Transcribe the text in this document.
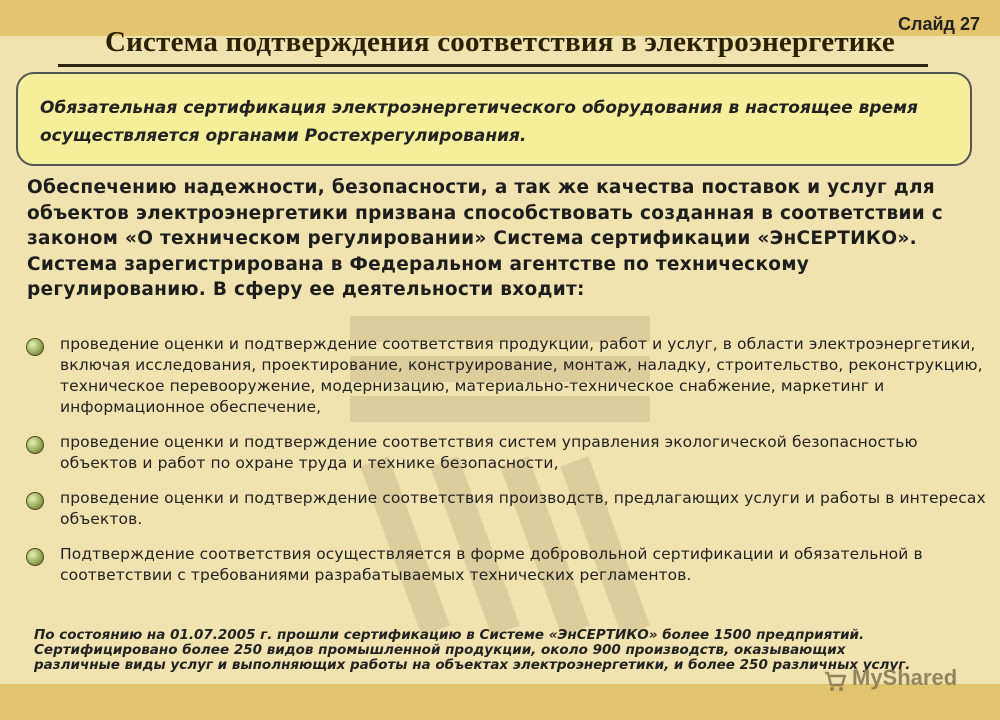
Слайд 27
Система подтверждения соответствия в электроэнергетике
Обязательная сертификация электроэнергетического оборудования в настоящее время осуществляется органами Ростехрегулирования.
Обеспечению надежности, безопасности, а так же качества поставок и услуг для объектов электроэнергетики призвана способствовать созданная в соответствии с законом «О техническом регулировании» Система сертификации «ЭнСЕРТИКО». Система зарегистрирована в Федеральном агентстве по техническому регулированию. В сферу ее деятельности входит:
проведение оценки и подтверждение соответствия продукции, работ и услуг, в области электроэнергетики, включая исследования, проектирование, конструирование, монтаж, наладку, строительство, реконструкцию, техническое перевооружение, модернизацию, материально-техническое снабжение, маркетинг и информационное обеспечение,
проведение оценки и подтверждение соответствия систем управления экологической безопасностью объектов и работ по охране труда и технике безопасности,
проведение оценки и подтверждение соответствия производств, предлагающих услуги и работы в интересах объектов.
Подтверждение соответствия осуществляется в форме добровольной сертификации и обязательной в соответствии с требованиями разрабатываемых технических регламентов.
По состоянию на 01.07.2005 г. прошли сертификацию в Системе «ЭнСЕРТИКО» более 1500 предприятий. Сертифицировано более 250 видов промышленной продукции, около 900 производств, оказывающих различные виды услуг и выполняющих работы на объектах электроэнергетики, и более 250 различных услуг.
MyShared
